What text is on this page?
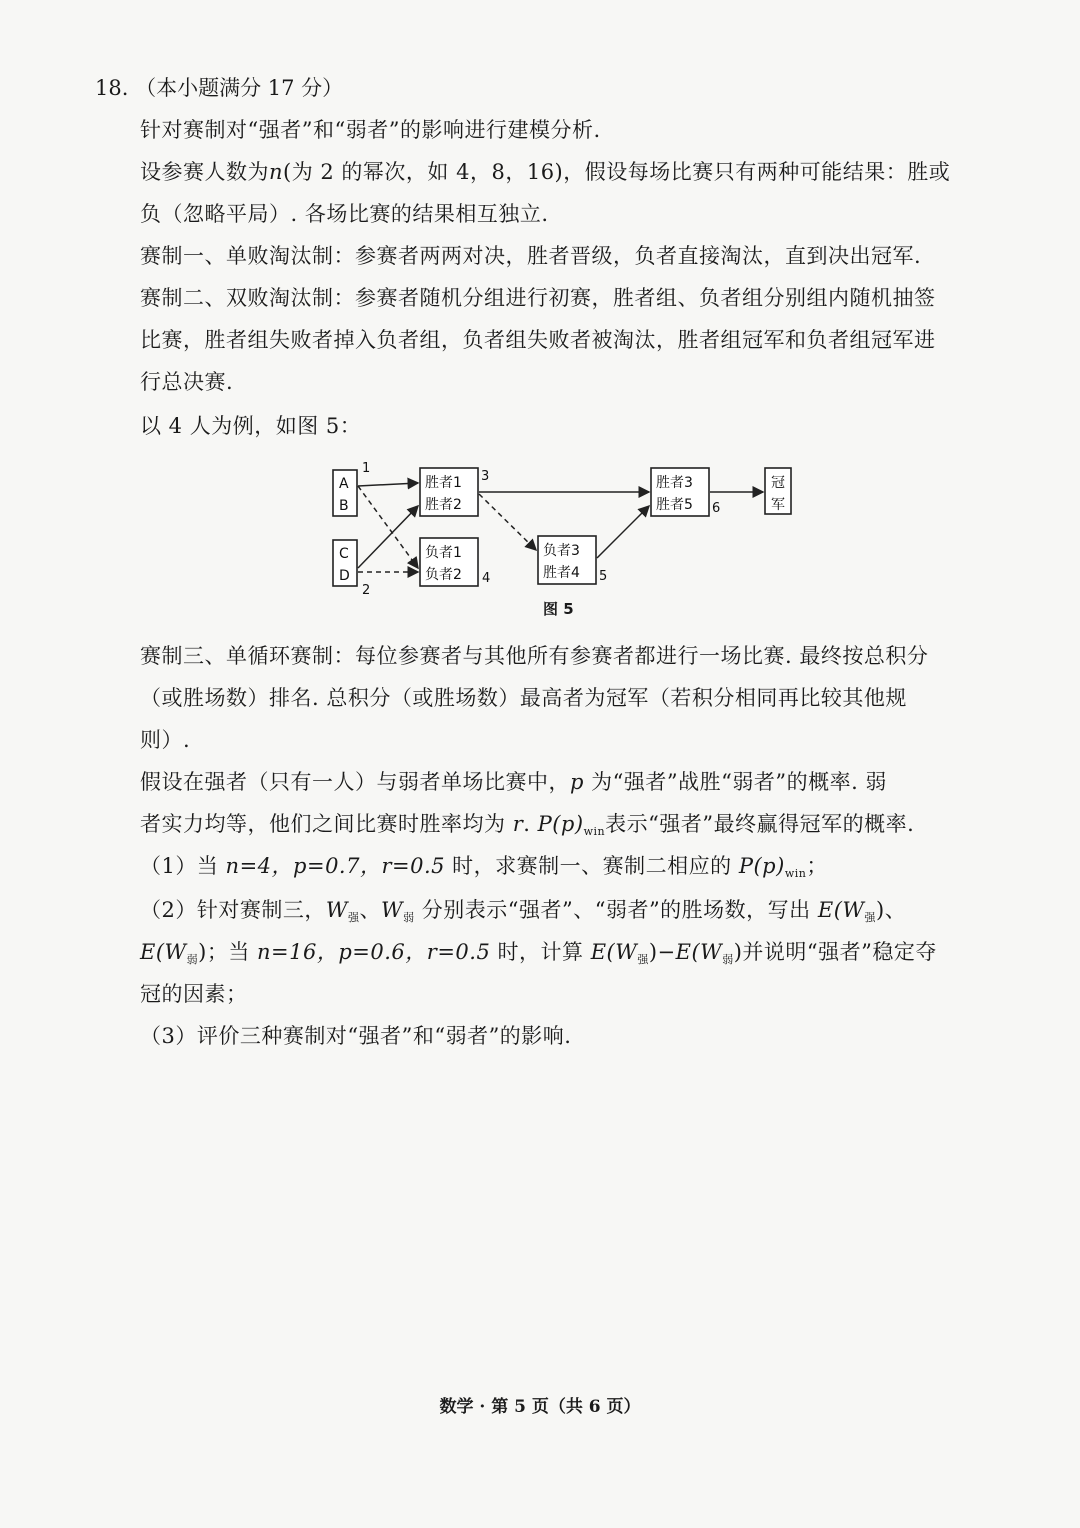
18. （本小题满分 17 分）
针对赛制对“强者”和“弱者”的影响进行建模分析.
设参赛人数为n(为 2 的幂次，如 4，8，16)，假设每场比赛只有两种可能结果：胜或
负（忽略平局）. 各场比赛的结果相互独立.
赛制一、单败淘汰制：参赛者两两对决，胜者晋级，负者直接淘汰，直到决出冠军.
赛制二、双败淘汰制：参赛者随机分组进行初赛，胜者组、负者组分别组内随机抽签
比赛，胜者组失败者掉入负者组，负者组失败者被淘汰，胜者组冠军和负者组冠军进
行总决赛.
以 4 人为例，如图 5：
A
B
C
D
胜者1
胜者2
负者1
负者2
负者3
胜者4
胜者3
胜者5
冠
军
1
2
3
4	5
6
图 5
赛制三、单循环赛制：每位参赛者与其他所有参赛者都进行一场比赛. 最终按总积分
（或胜场数）排名. 总积分（或胜场数）最高者为冠军（若积分相同再比较其他规
则）.
假设在强者（只有一人）与弱者单场比赛中，p 为“强者”战胜“弱者”的概率. 弱
者实力均等，他们之间比赛时胜率均为 r. $P(p)_{win}$表示“强者”最终赢得冠军的概率.
（1）当 n=4，p=0.7，r=0.5 时，求赛制一、赛制二相应的 $P(p)_{win}$；
（2）针对赛制三，$W_强$、$W_弱$ 分别表示“强者”、“弱者”的胜场数，写出 $E(W_强)$、
$E(W_弱)$；当 n=16，p=0.6，r=0.5 时，计算 $E(W_强)-E(W_弱)$并说明“强者”稳定夺
冠的因素；
（3）评价三种赛制对“强者”和“弱者”的影响.
数学 · 第 5 页（共 6 页）
